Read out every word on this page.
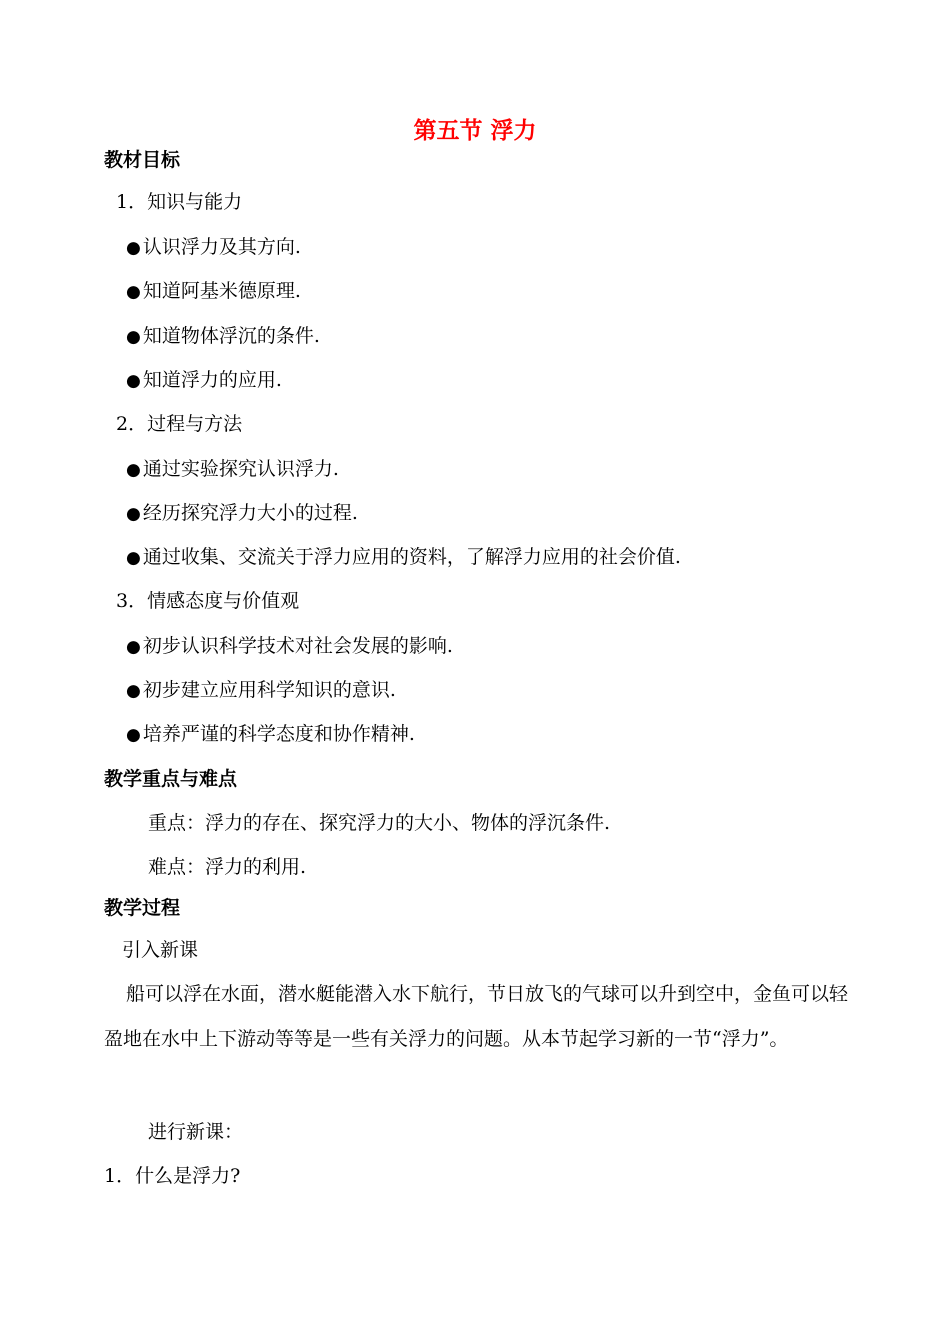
第五节 浮力
教材目标
1．知识与能力
● 认识浮力及其方向.
● 知道阿基米德原理.
● 知道物体浮沉的条件.
● 知道浮力的应用.
2．过程与方法
● 通过实验探究认识浮力.
● 经历探究浮力大小的过程.
● 通过收集、交流关于浮力应用的资料，了解浮力应用的社会价值.
3．情感态度与价值观
● 初步认识科学技术对社会发展的影响.
● 初步建立应用科学知识的意识.
● 培养严谨的科学态度和协作精神.
教学重点与难点
重点：浮力的存在、探究浮力的大小、物体的浮沉条件.
难点：浮力的利用.
教学过程
引入新课
船可以浮在水面，潜水艇能潜入水下航行，节日放飞的气球可以升到空中，金鱼可以轻盈地在水中上下游动等等是一些有关浮力的问题。从本节起学习新的一节“浮力”。
进行新课：
1．什么是浮力?
